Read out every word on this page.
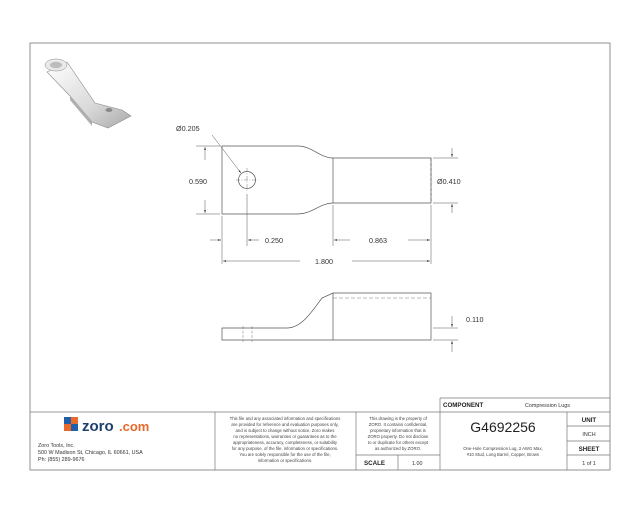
Ø0.205
0.590	Ø0.410
0.250	0.863
1.800
0.110
zoro .com
Zoro Tools, Inc.
500 W Madison St, Chicago, IL 60661, USA
Ph: (855) 289-9676
This file and any associated information and specifications
are provided for reference and evaluation purposes only,
and is subject to change without notice. Zoro makes
no representations, warranties or guarantees as to the
appropriateness, accuracy, completeness, or suitability
for any purpose, of the file, information or specifications.
You are solely responsible for the use of the file,
information or specifications.
This drawing is the property of
ZORO. It contains confidential,
proprietary information that is
ZORO property. Do not disclose
to or duplicate for others except
as authorized by ZORO.
SCALE	1.00
COMPONENT	Compression Lugs
G4692256
One-Hole Compression Lug, 2 AWG Max,
#10 Stud, Long Barrel, Copper, Brown
UNIT
INCH
SHEET
1 of 1
